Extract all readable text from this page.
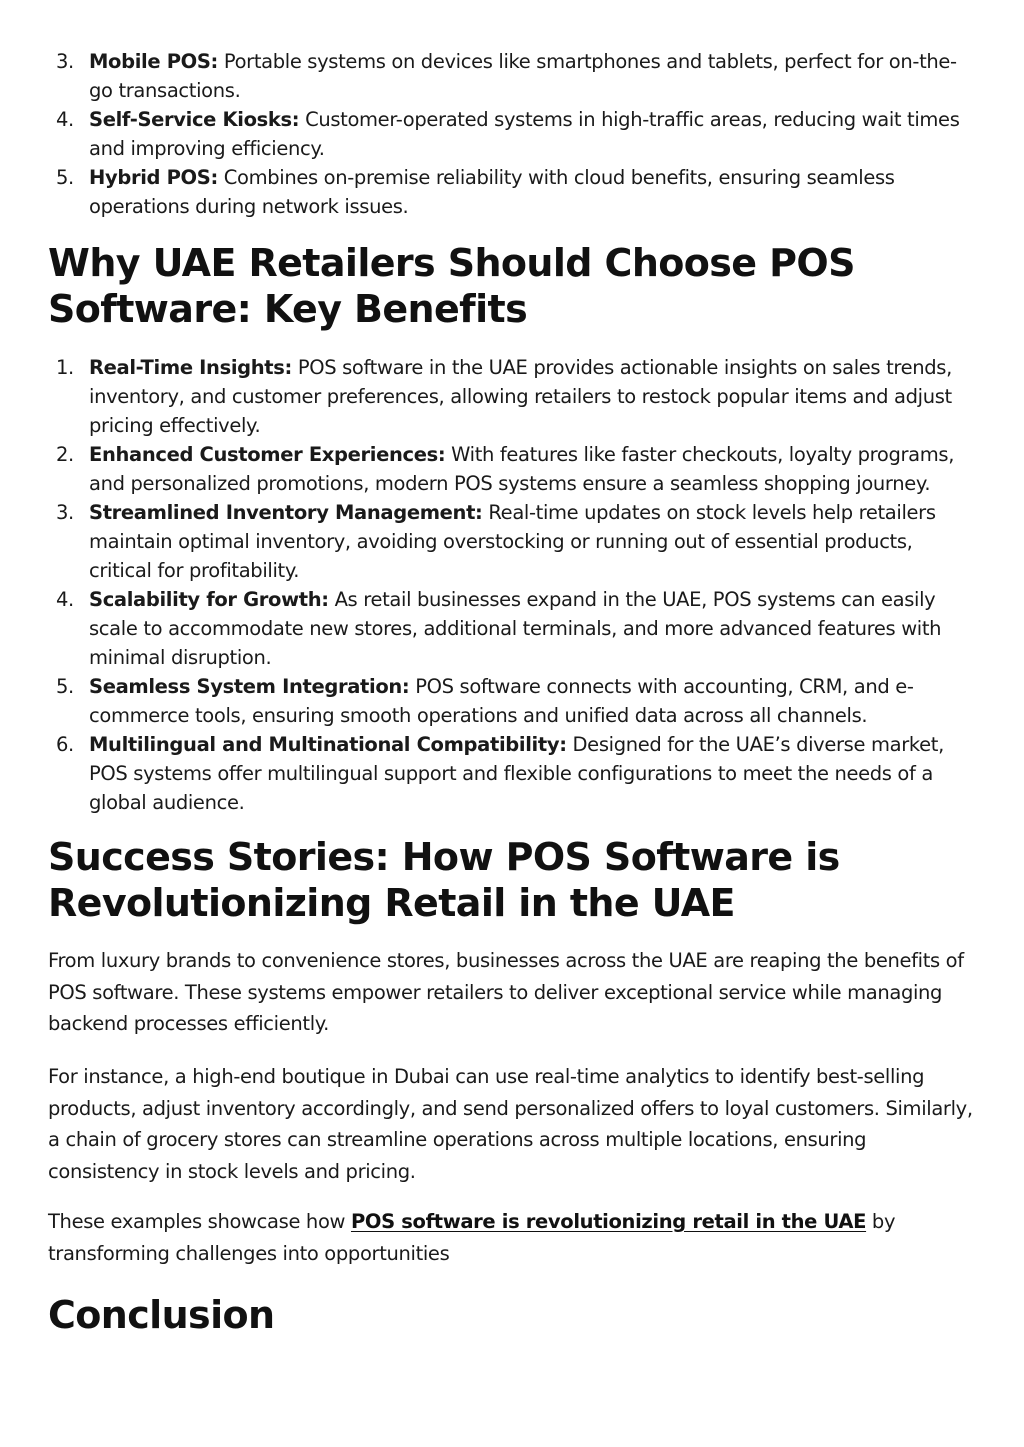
3. Mobile POS: Portable systems on devices like smartphones and tablets, perfect for on-the-go transactions.
4. Self-Service Kiosks: Customer-operated systems in high-traffic areas, reducing wait times and improving efficiency.
5. Hybrid POS: Combines on-premise reliability with cloud benefits, ensuring seamless operations during network issues.
Why UAE Retailers Should Choose POS Software: Key Benefits
1. Real-Time Insights: POS software in the UAE provides actionable insights on sales trends, inventory, and customer preferences, allowing retailers to restock popular items and adjust pricing effectively.
2. Enhanced Customer Experiences: With features like faster checkouts, loyalty programs, and personalized promotions, modern POS systems ensure a seamless shopping journey.
3. Streamlined Inventory Management: Real-time updates on stock levels help retailers maintain optimal inventory, avoiding overstocking or running out of essential products, critical for profitability.
4. Scalability for Growth: As retail businesses expand in the UAE, POS systems can easily scale to accommodate new stores, additional terminals, and more advanced features with minimal disruption.
5. Seamless System Integration: POS software connects with accounting, CRM, and e-commerce tools, ensuring smooth operations and unified data across all channels.
6. Multilingual and Multinational Compatibility: Designed for the UAE’s diverse market, POS systems offer multilingual support and flexible configurations to meet the needs of a global audience.
Success Stories: How POS Software is Revolutionizing Retail in the UAE

From luxury brands to convenience stores, businesses across the UAE are reaping the benefits of POS software. These systems empower retailers to deliver exceptional service while managing backend processes efficiently.

For instance, a high-end boutique in Dubai can use real-time analytics to identify best-selling products, adjust inventory accordingly, and send personalized offers to loyal customers. Similarly, a chain of grocery stores can streamline operations across multiple locations, ensuring consistency in stock levels and pricing.

These examples showcase how POS software is revolutionizing retail in the UAE by transforming challenges into opportunities

Conclusion
